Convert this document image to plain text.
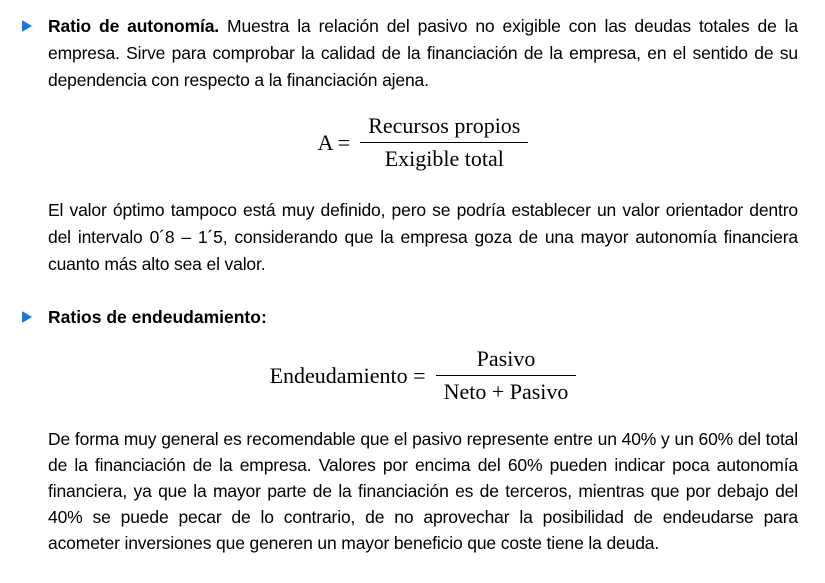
Ratio de autonomía. Muestra la relación del pasivo no exigible con las deudas totales de la empresa. Sirve para comprobar la calidad de la financiación de la empresa, en el sentido de su dependencia con respecto a la financiación ajena.

$A = \frac{\text{Recursos propios}}{\text{Exigible total}}$

El valor óptimo tampoco está muy definido, pero se podría establecer un valor orientador dentro del intervalo 0´8 – 1´5, considerando que la empresa goza de una mayor autonomía financiera cuanto más alto sea el valor.

Ratios de endeudamiento:

Endeudamiento = $\frac{\text{Pasivo}}{\text{Neto + Pasivo}}$

De forma muy general es recomendable que el pasivo represente entre un 40% y un 60% del total de la financiación de la empresa. Valores por encima del 60% pueden indicar poca autonomía financiera, ya que la mayor parte de la financiación es de terceros, mientras que por debajo del 40% se puede pecar de lo contrario, de no aprovechar la posibilidad de endeudarse para acometer inversiones que generen un mayor beneficio que coste tiene la deuda.
